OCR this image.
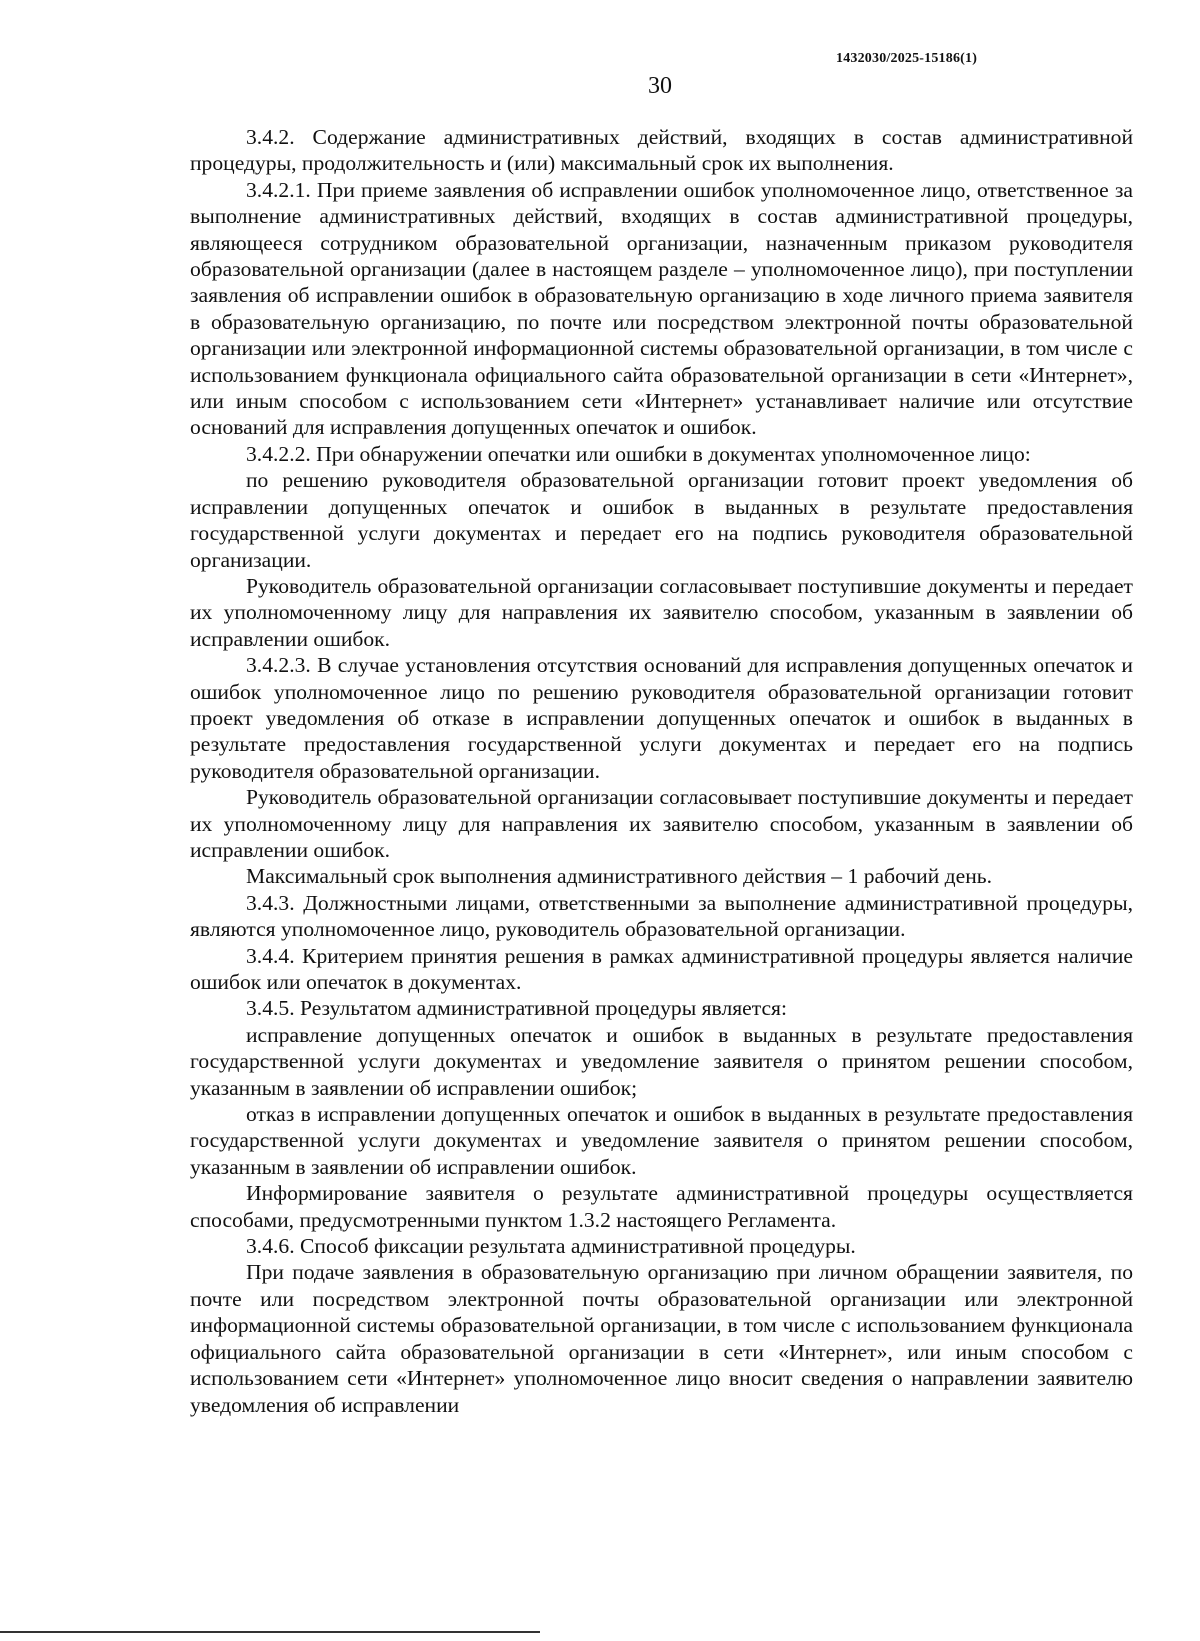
1432030/2025-15186(1)
30

3.4.2. Содержание административных действий, входящих в состав административной процедуры, продолжительность и (или) максимальный срок их выполнения.

3.4.2.1. При приеме заявления об исправлении ошибок уполномоченное лицо, ответственное за выполнение административных действий, входящих в состав административной процедуры, являющееся сотрудником образовательной организации, назначенным приказом руководителя образовательной организации (далее в настоящем разделе – уполномоченное лицо), при поступлении заявления об исправлении ошибок в образовательную организацию в ходе личного приема заявителя в образовательную организацию, по почте или посредством электронной почты образовательной организации или электронной информационной системы образовательной организации, в том числе с использованием функционала официального сайта образовательной организации в сети «Интернет», или иным способом с использованием сети «Интернет» устанавливает наличие или отсутствие оснований для исправления допущенных опечаток и ошибок.

3.4.2.2. При обнаружении опечатки или ошибки в документах уполномоченное лицо:

по решению руководителя образовательной организации готовит проект уведомления об исправлении допущенных опечаток и ошибок в выданных в результате предоставления государственной услуги документах и передает его на подпись руководителя образовательной организации.

Руководитель образовательной организации согласовывает поступившие документы и передает их уполномоченному лицу для направления их заявителю способом, указанным в заявлении об исправлении ошибок.

3.4.2.3. В случае установления отсутствия оснований для исправления допущенных опечаток и ошибок уполномоченное лицо по решению руководителя образовательной организации готовит проект уведомления об отказе в исправлении допущенных опечаток и ошибок в выданных в результате предоставления государственной услуги документах и передает его на подпись руководителя образовательной организации.

Руководитель образовательной организации согласовывает поступившие документы и передает их уполномоченному лицу для направления их заявителю способом, указанным в заявлении об исправлении ошибок.

Максимальный срок выполнения административного действия – 1 рабочий день.

3.4.3. Должностными лицами, ответственными за выполнение административной процедуры, являются уполномоченное лицо, руководитель образовательной организации.

3.4.4. Критерием принятия решения в рамках административной процедуры является наличие ошибок или опечаток в документах.

3.4.5. Результатом административной процедуры является:

исправление допущенных опечаток и ошибок в выданных в результате предоставления государственной услуги документах и уведомление заявителя о принятом решении способом, указанным в заявлении об исправлении ошибок;

отказ в исправлении допущенных опечаток и ошибок в выданных в результате предоставления государственной услуги документах и уведомление заявителя о принятом решении способом, указанным в заявлении об исправлении ошибок.

Информирование заявителя о результате административной процедуры осуществляется способами, предусмотренными пунктом 1.3.2 настоящего Регламента.

3.4.6. Способ фиксации результата административной процедуры.

При подаче заявления в образовательную организацию при личном обращении заявителя, по почте или посредством электронной почты образовательной организации или электронной информационной системы образовательной организации, в том числе с использованием функционала официального сайта образовательной организации в сети «Интернет», или иным способом с использованием сети «Интернет» уполномоченное лицо вносит сведения о направлении заявителю уведомления об исправлении
